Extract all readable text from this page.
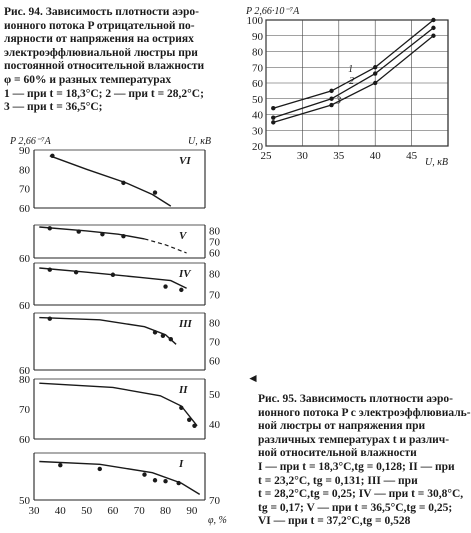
Рис. 94. Зависимость плотности аэро-
ионного потока P отрицательной по-
лярности от напряжения на остриях
электроэффлювиальной люстры при
постоянной относительной влажности
φ = 60% и разных температурах
1 — при t = 18,3°C; 2 — при t = 28,2°C;
3 — при t = 36,5°C;
25 30 35 40 45
20
30
40
50
60
70
80
90
100
1
2
3
P 2,66·10⁻⁷A
U, кВ
90
80
70
60
VI
60
80
70
60
V
60
80
70
IV
60
80
70
60
III
80
70
60
50
40
II
50	70
I
P 2,66⁻⁷A	U, кВ
30 40 50 60 70 80 90
φ, %
◄
Рис. 95. Зависимость плотности аэро-
ионного потока P с электроэффлювиаль-
ной люстры от напряжения при
различных температурах t и различ-
ной относительной влажности
I — при t = 18,3°C,tg = 0,128; II — при
t = 23,2°C, tg = 0,131; III — при
t = 28,2°C,tg = 0,25; IV — при t = 30,8°C,
tg = 0,17; V — при t = 36,5°C,tg = 0,25;
VI — при t = 37,2°C,tg = 0,528
